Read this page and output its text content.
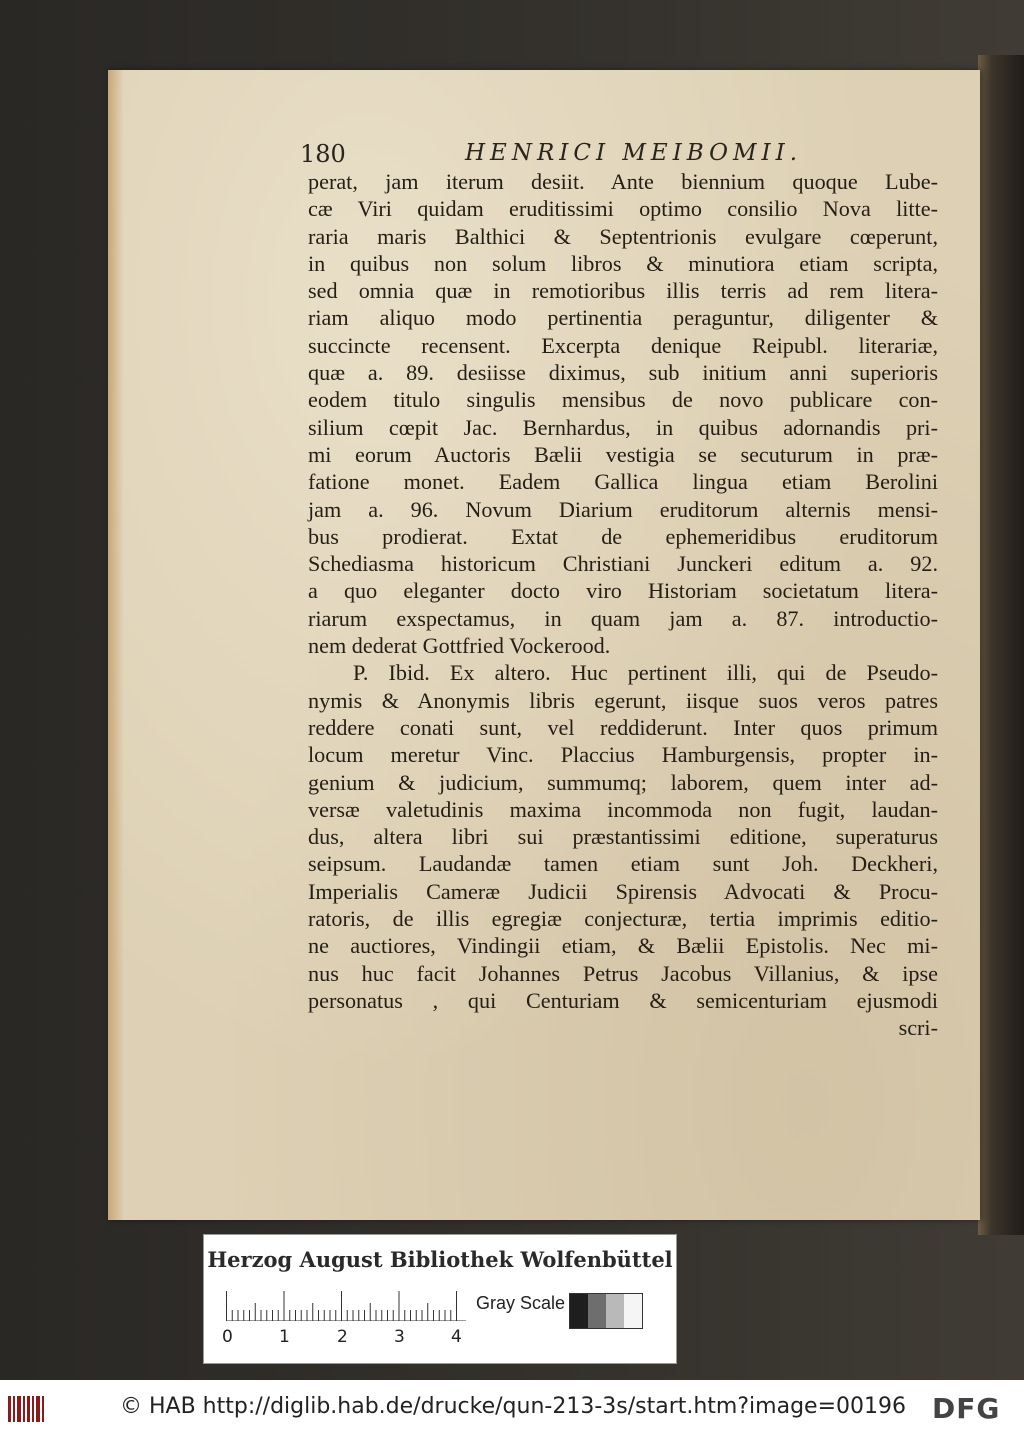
180	HENRICI MEIBOMII.
perat, jam iterum desiit. Ante biennium quoque Lube-
cæ Viri quidam eruditissimi optimo consilio Nova litte-
raria maris Balthici & Septentrionis evulgare cœperunt,
in quibus non solum libros & minutiora etiam scripta,
sed omnia quæ in remotioribus illis terris ad rem litera-
riam aliquo modo pertinentia peraguntur, diligenter &
succincte recensent. Excerpta denique Reipubl. literariæ,
quæ a. 89. desiisse diximus, sub initium anni superioris
eodem titulo singulis mensibus de novo publicare con-
silium cœpit Jac. Bernhardus, in quibus adornandis pri-
mi eorum Auctoris Bælii vestigia se secuturum in præ-
fatione monet. Eadem Gallica lingua etiam Berolini
jam a. 96. Novum Diarium eruditorum alternis mensi-
bus prodierat. Extat de ephemeridibus eruditorum
Schediasma historicum Christiani Junckeri editum a. 92.
a quo eleganter docto viro Historiam societatum litera-
riarum exspectamus, in quam jam a. 87. introductio-
nem dederat Gottfried Vockerood.
P. Ibid. Ex altero. Huc pertinent illi, qui de Pseudo-
nymis & Anonymis libris egerunt, iisque suos veros patres
reddere conati sunt, vel reddiderunt. Inter quos primum
locum meretur Vinc. Placcius Hamburgensis, propter in-
genium & judicium, summumq; laborem, quem inter ad-
versæ valetudinis maxima incommoda non fugit, laudan-
dus, altera libri sui præstantissimi editione, superaturus
seipsum. Laudandæ tamen etiam sunt Joh. Deckheri,
Imperialis Cameræ Judicii Spirensis Advocati & Procu-
ratoris, de illis egregiæ conjecturæ, tertia imprimis editio-
ne auctiores, Vindingii etiam, & Bælii Epistolis. Nec mi-
nus huc facit Johannes Petrus Jacobus Villanius, & ipse
personatus , qui Centuriam & semicenturiam ejusmodi
scri-
Herzog August Bibliothek Wolfenbüttel
0	1	2	3	4
Gray Scale
© HAB http://diglib.hab.de/drucke/qun-213-3s/start.htm?image=00196 DFG
